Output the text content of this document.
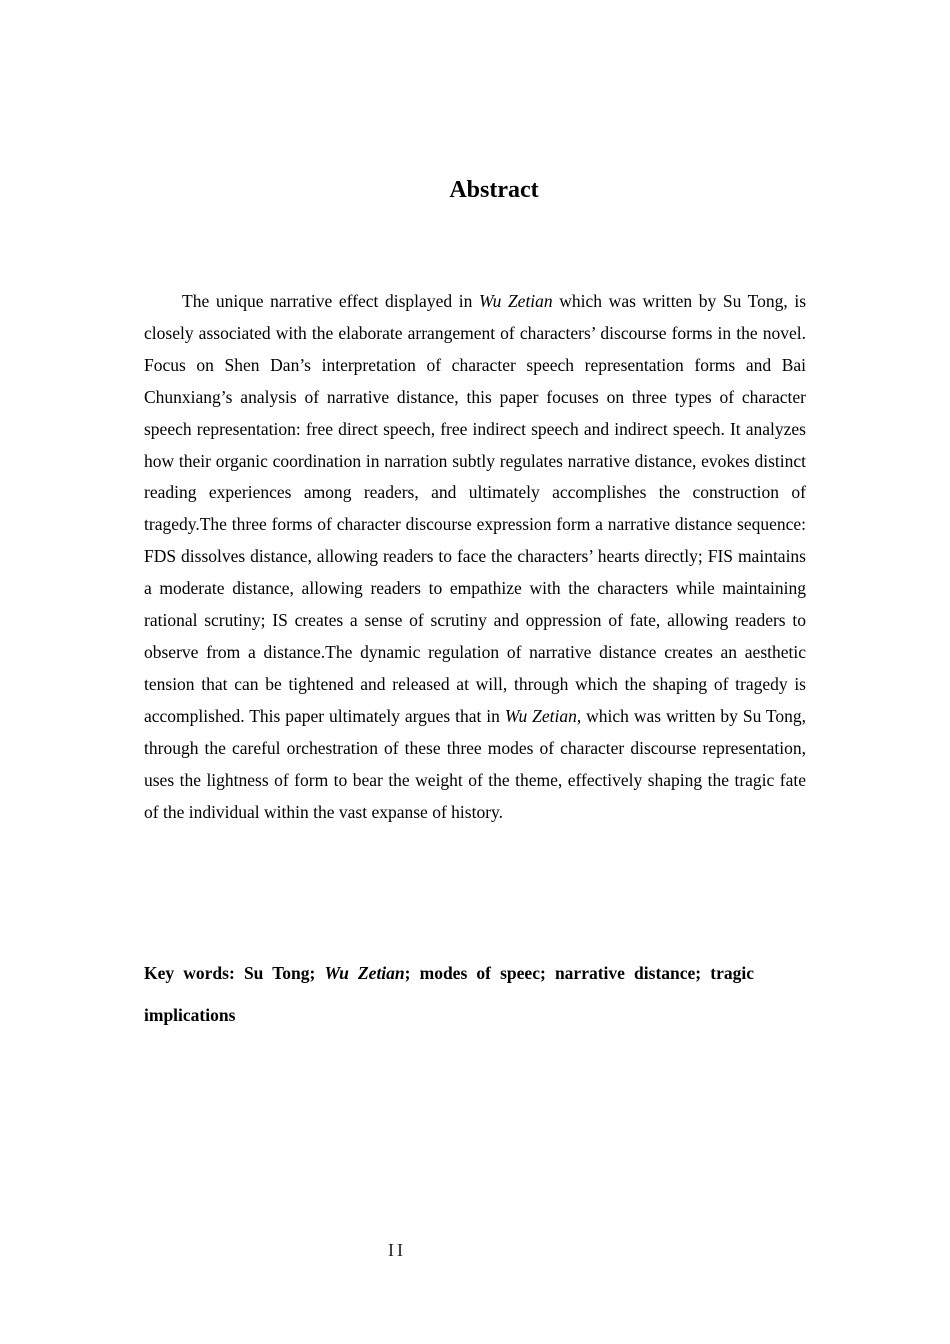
Abstract

The unique narrative effect displayed in Wu Zetian which was written by Su Tong, is closely associated with the elaborate arrangement of characters’ discourse forms in the novel. Focus on Shen Dan’s interpretation of character speech representation forms and Bai Chunxiang’s analysis of narrative distance, this paper focuses on three types of character speech representation: free direct speech, free indirect speech and indirect speech. It analyzes how their organic coordination in narration subtly regulates narrative distance, evokes distinct reading experiences among readers, and ultimately accomplishes the construction of tragedy.The three forms of character discourse expression form a narrative distance sequence: FDS dissolves distance, allowing readers to face the characters’ hearts directly; FIS maintains a moderate distance, allowing readers to empathize with the characters while maintaining rational scrutiny; IS creates a sense of scrutiny and oppression of fate, allowing readers to observe from a distance.The dynamic regulation of narrative distance creates an aesthetic tension that can be tightened and released at will, through which the shaping of tragedy is accomplished. This paper ultimately argues that in Wu Zetian, which was written by Su Tong, through the careful orchestration of these three modes of character discourse representation, uses the lightness of form to bear the weight of the theme, effectively shaping the tragic fate of the individual within the vast expanse of history.

Key words: Su Tong; Wu Zetian; modes of speec; narrative distance; tragic implications

II
